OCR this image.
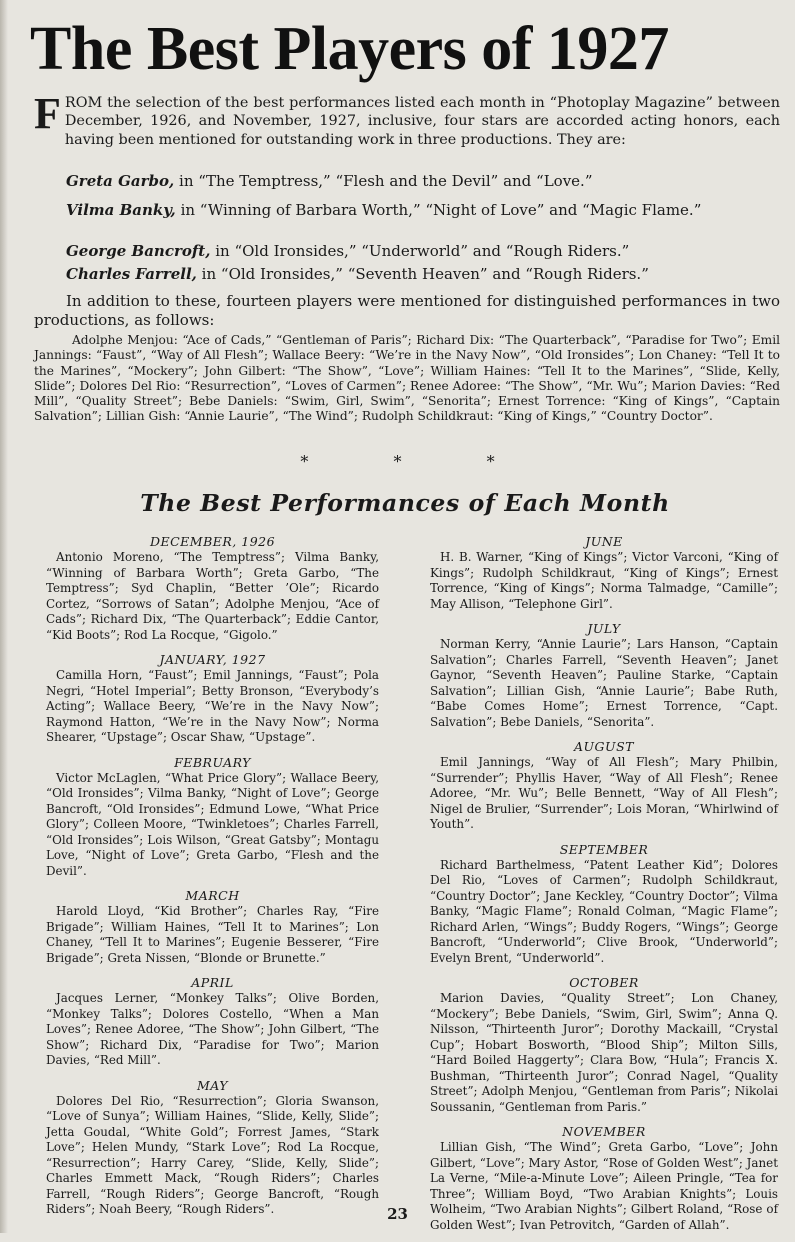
The Best Players of 1927
FROM the selection of the best performances listed each month in “Photoplay Magazine” between December, 1926, and November, 1927, inclusive, four stars are accorded acting honors, each having been mentioned for outstanding work in three productions. They are:
Greta Garbo, in “The Temptress,” “Flesh and the Devil” and “Love.”
Vilma Banky, in “Winning of Barbara Worth,” “Night of Love” and “Magic Flame.”
George Bancroft, in “Old Ironsides,” “Underworld” and “Rough Riders.”
Charles Farrell, in “Old Ironsides,” “Seventh Heaven” and “Rough Riders.”
In addition to these, fourteen players were mentioned for distinguished performances in two productions, as follows:
Adolphe Menjou: “Ace of Cads,” “Gentleman of Paris”; Richard Dix: “The Quarterback”, “Paradise for Two”; Emil Jannings: “Faust”, “Way of All Flesh”; Wallace Beery: “We’re in the Navy Now”, “Old Ironsides”; Lon Chaney: “Tell It to the Marines”, “Mockery”; John Gilbert: “The Show”, “Love”; William Haines: “Tell It to the Marines”, “Slide, Kelly, Slide”; Dolores Del Rio: “Resurrection”, “Loves of Carmen”; Renee Adoree: “The Show”, “Mr. Wu”; Marion Davies: “Red Mill”, “Quality Street”; Bebe Daniels: “Swim, Girl, Swim”, “Senorita”; Ernest Torrence: “King of Kings”, “Captain Salvation”; Lillian Gish: “Annie Laurie”, “The Wind”; Rudolph Schildkraut: “King of Kings,” “Country Doctor”.
* * *
The Best Performances of Each Month

DECEMBER, 1926

Antonio Moreno, “The Temptress”; Vilma Banky, “Winning of Barbara Worth”; Greta Garbo, “The Temptress”; Syd Chaplin, “Better ’Ole”; Ricardo Cortez, “Sorrows of Satan”; Adolphe Menjou, “Ace of Cads”; Richard Dix, “The Quarterback”; Eddie Cantor, “Kid Boots”; Rod La Rocque, “Gigolo.”

JANUARY, 1927

Camilla Horn, “Faust”; Emil Jannings, “Faust”; Pola Negri, “Hotel Imperial”; Betty Bronson, “Everybody’s Acting”; Wallace Beery, “We’re in the Navy Now”; Raymond Hatton, “We’re in the Navy Now”; Norma Shearer, “Upstage”; Oscar Shaw, “Upstage”.

FEBRUARY

Victor McLaglen, “What Price Glory”; Wallace Beery, “Old Ironsides”; Vilma Banky, “Night of Love”; George Bancroft, “Old Ironsides”; Edmund Lowe, “What Price Glory”; Colleen Moore, “Twinkletoes”; Charles Farrell, “Old Ironsides”; Lois Wilson, “Great Gatsby”; Montagu Love, “Night of Love”; Greta Garbo, “Flesh and the Devil”.

MARCH

Harold Lloyd, “Kid Brother”; Charles Ray, “Fire Brigade”; William Haines, “Tell It to Marines”; Lon Chaney, “Tell It to Marines”; Eugenie Besserer, “Fire Brigade”; Greta Nissen, “Blonde or Brunette.”

APRIL

Jacques Lerner, “Monkey Talks”; Olive Borden, “Monkey Talks”; Dolores Costello, “When a Man Loves”; Renee Adoree, “The Show”; John Gilbert, “The Show”; Richard Dix, “Paradise for Two”; Marion Davies, “Red Mill”.

MAY

Dolores Del Rio, “Resurrection”; Gloria Swanson, “Love of Sunya”; William Haines, “Slide, Kelly, Slide”; Jetta Goudal, “White Gold”; Forrest James, “Stark Love”; Helen Mundy, “Stark Love”; Rod La Rocque, “Resurrection”; Harry Carey, “Slide, Kelly, Slide”; Charles Emmett Mack, “Rough Riders”; Charles Farrell, “Rough Riders”; George Bancroft, “Rough Riders”; Noah Beery, “Rough Riders”.

JUNE

H. B. Warner, “King of Kings”; Victor Varconi, “King of Kings”; Rudolph Schildkraut, “King of Kings”; Ernest Torrence, “King of Kings”; Norma Talmadge, “Camille”; May Allison, “Telephone Girl”.

JULY

Norman Kerry, “Annie Laurie”; Lars Hanson, “Captain Salvation”; Charles Farrell, “Seventh Heaven”; Janet Gaynor, “Seventh Heaven”; Pauline Starke, “Captain Salvation”; Lillian Gish, “Annie Laurie”; Babe Ruth, “Babe Comes Home”; Ernest Torrence, “Capt. Salvation”; Bebe Daniels, “Senorita”.

AUGUST

Emil Jannings, “Way of All Flesh”; Mary Philbin, “Surrender”; Phyllis Haver, “Way of All Flesh”; Renee Adoree, “Mr. Wu”; Belle Bennett, “Way of All Flesh”; Nigel de Brulier, “Surrender”; Lois Moran, “Whirlwind of Youth”.

SEPTEMBER

Richard Barthelmess, “Patent Leather Kid”; Dolores Del Rio, “Loves of Carmen”; Rudolph Schildkraut, “Country Doctor”; Jane Keckley, “Country Doctor”; Vilma Banky, “Magic Flame”; Ronald Colman, “Magic Flame”; Richard Arlen, “Wings”; Buddy Rogers, “Wings”; George Bancroft, “Underworld”; Clive Brook, “Underworld”; Evelyn Brent, “Underworld”.

OCTOBER

Marion Davies, “Quality Street”; Lon Chaney, “Mockery”; Bebe Daniels, “Swim, Girl, Swim”; Anna Q. Nilsson, “Thirteenth Juror”; Dorothy Mackaill, “Crystal Cup”; Hobart Bosworth, “Blood Ship”; Milton Sills, “Hard Boiled Haggerty”; Clara Bow, “Hula”; Francis X. Bushman, “Thirteenth Juror”; Conrad Nagel, “Quality Street”; Adolph Menjou, “Gentleman from Paris”; Nikolai Soussanin, “Gentleman from Paris.”

NOVEMBER

Lillian Gish, “The Wind”; Greta Garbo, “Love”; John Gilbert, “Love”; Mary Astor, “Rose of Golden West”; Janet La Verne, “Mile-a-Minute Love”; Aileen Pringle, “Tea for Three”; William Boyd, “Two Arabian Knights”; Louis Wolheim, “Two Arabian Nights”; Gilbert Roland, “Rose of Golden West”; Ivan Petrovitch, “Garden of Allah”.

23
